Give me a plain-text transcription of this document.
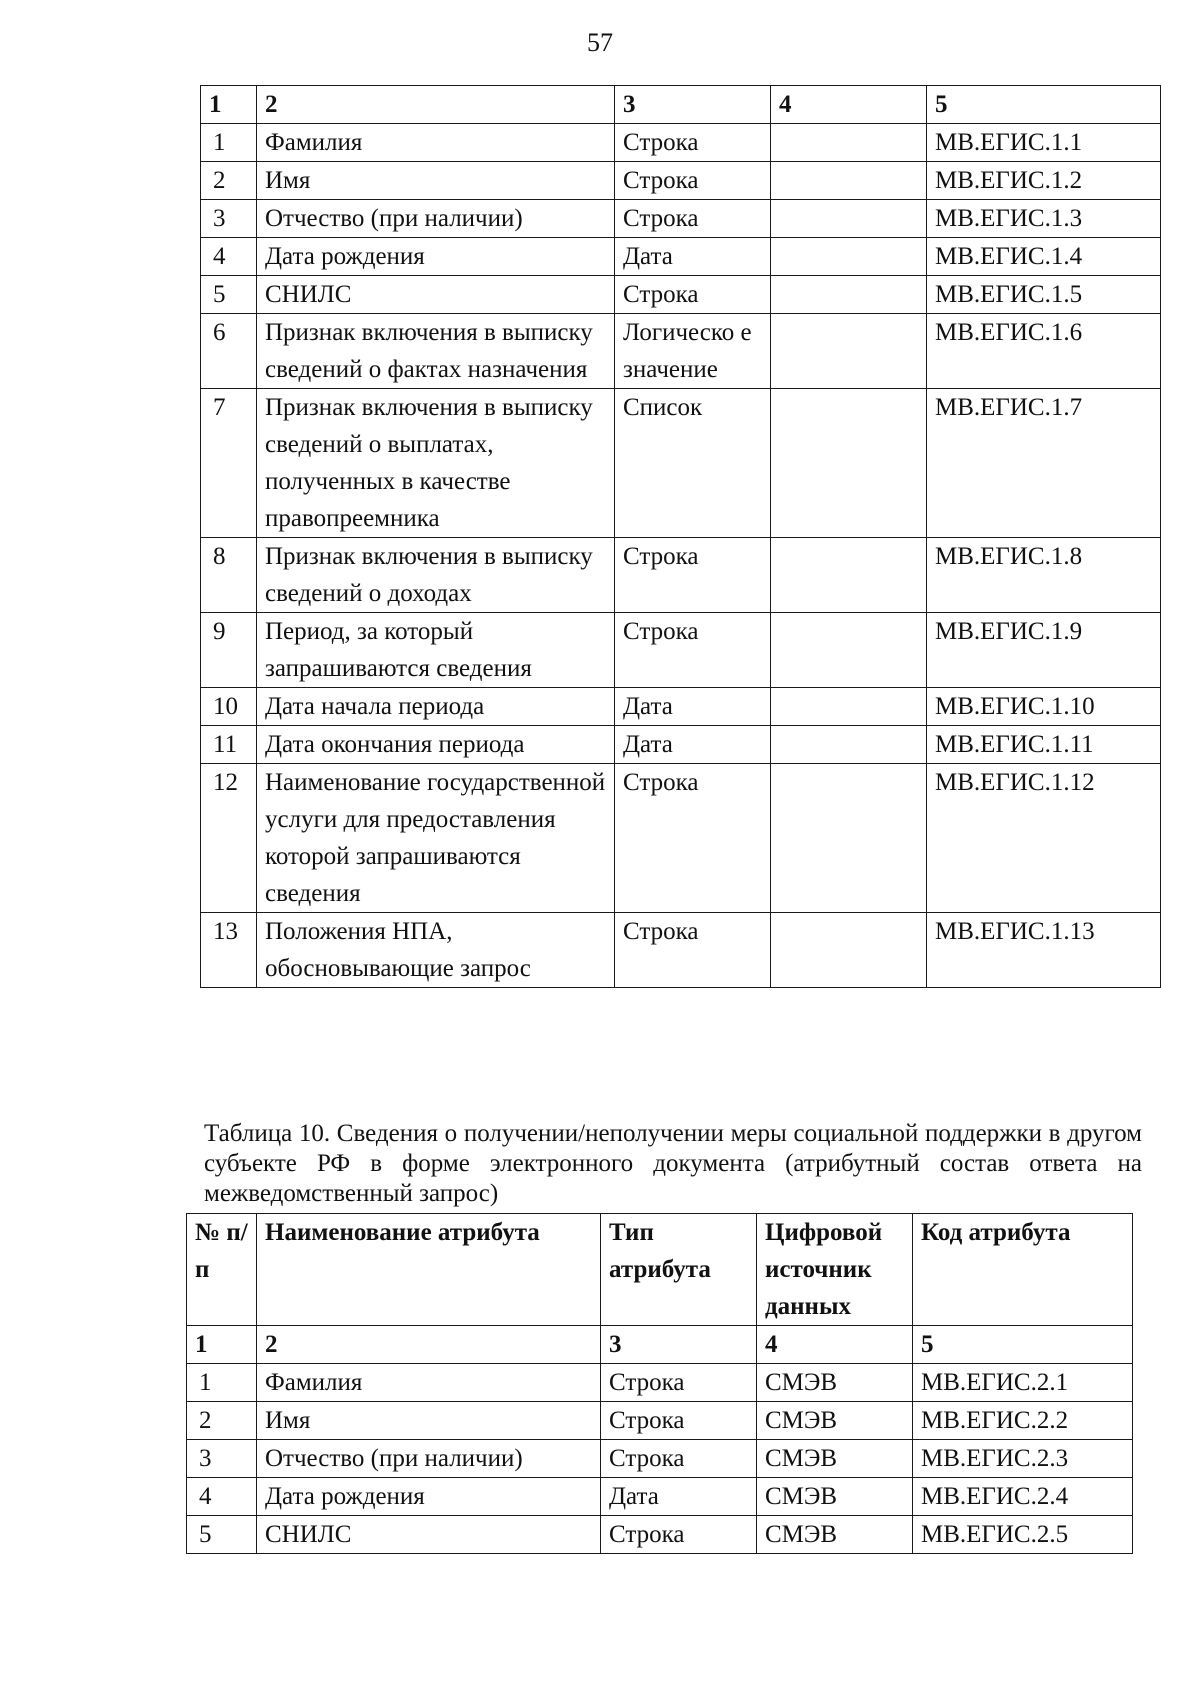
57
1	2	3	4	5
1	Фамилия	Строка		МВ.ЕГИС.1.1
2	Имя	Строка		МВ.ЕГИС.1.2
3	Отчество (при наличии)	Строка		МВ.ЕГИС.1.3
4	Дата рождения	Дата		МВ.ЕГИС.1.4
5	СНИЛС	Строка		МВ.ЕГИС.1.5
6	Признак включения в выписку сведений о фактах назначения	Логическо е значение		МВ.ЕГИС.1.6
7	Признак включения в выписку сведений о выплатах, полученных в качестве правопреемника	Список		МВ.ЕГИС.1.7
8	Признак включения в выписку сведений о доходах	Строка		МВ.ЕГИС.1.8
9	Период, за который запрашиваются сведения	Строка		МВ.ЕГИС.1.9
10	Дата начала периода	Дата		МВ.ЕГИС.1.10
11	Дата окончания периода	Дата		МВ.ЕГИС.1.11
12	Наименование государственной услуги для предоставления которой запрашиваются сведения	Строка		МВ.ЕГИС.1.12
13	Положения НПА, обосновывающие запрос	Строка		МВ.ЕГИС.1.13
Таблица 10. Сведения о получении/неполучении меры социальной поддержки в другом субъекте РФ в форме электронного документа (атрибутный состав ответа на межведомственный запрос)
№ п/п	Наименование атрибута	Тип атрибута	Цифровой источник данных	Код атрибута
1	2	3	4	5
1	Фамилия	Строка	СМЭВ	МВ.ЕГИС.2.1
2	Имя	Строка	СМЭВ	МВ.ЕГИС.2.2
3	Отчество (при наличии)	Строка	СМЭВ	МВ.ЕГИС.2.3
4	Дата рождения	Дата	СМЭВ	МВ.ЕГИС.2.4
5	СНИЛС	Строка	СМЭВ	МВ.ЕГИС.2.5
